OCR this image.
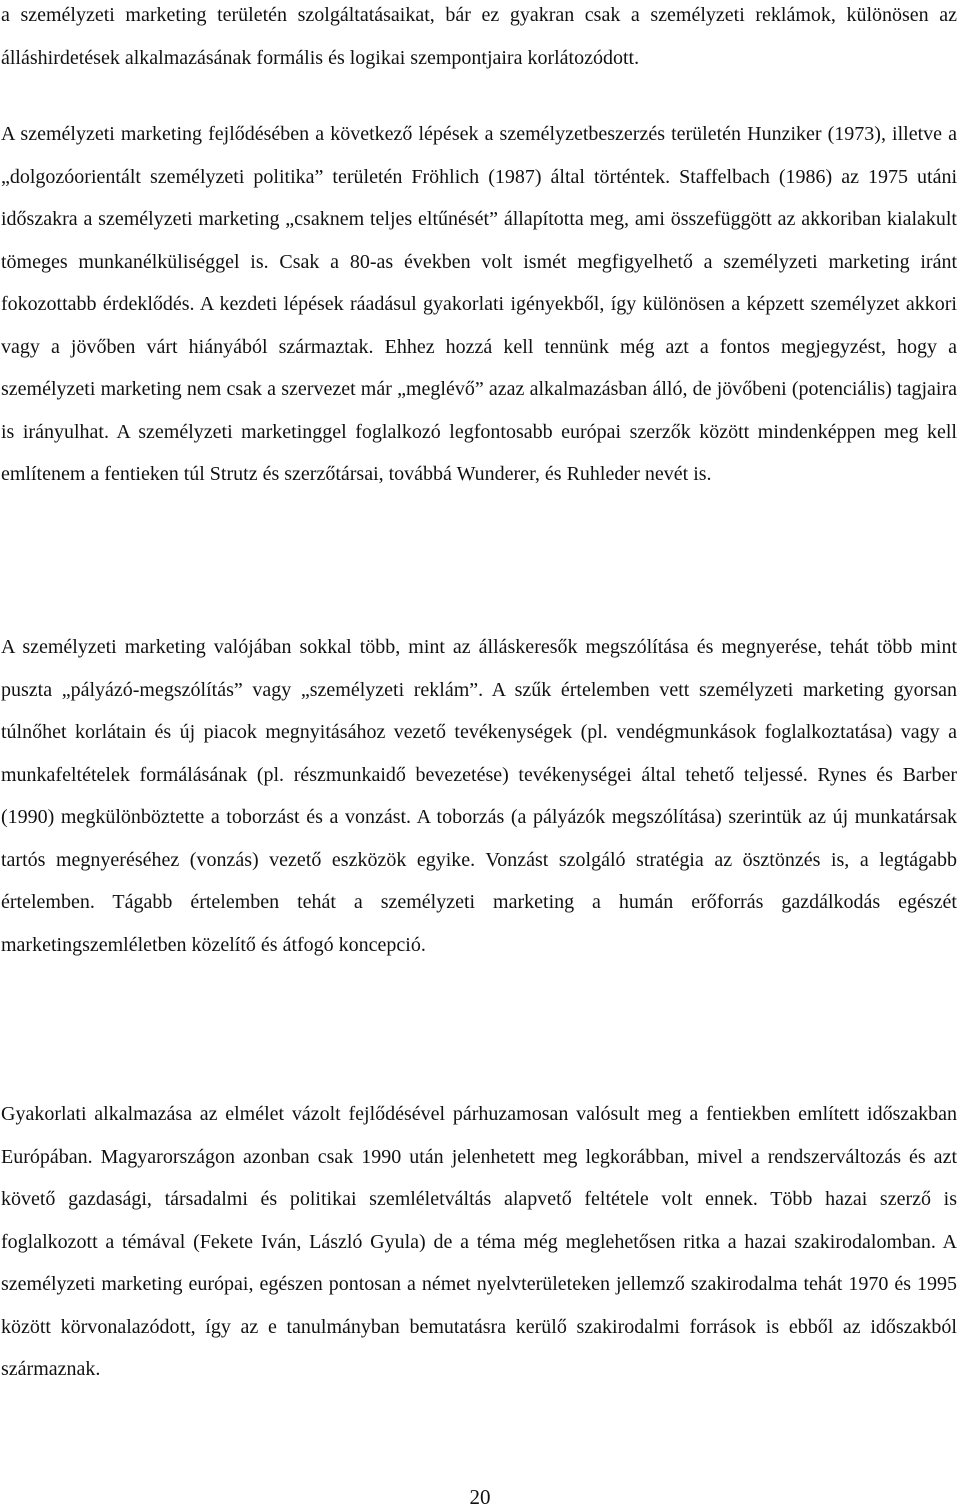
a személyzeti marketing területén szolgáltatásaikat, bár ez gyakran csak a személyzeti reklámok, különösen az álláshirdetések alkalmazásának formális és logikai szempontjaira korlátozódott.

A személyzeti marketing fejlődésében a következő lépések a személyzetbeszerzés területén Hunziker (1973), illetve a „dolgozóorientált személyzeti politika” területén Fröhlich (1987) által történtek. Staffelbach (1986) az 1975 utáni időszakra a személyzeti marketing „csaknem teljes eltűnését” állapította meg, ami összefüggött az akkoriban kialakult tömeges munkanélküliséggel is. Csak a 80-as években volt ismét megfigyelhető a személyzeti marketing iránt fokozottabb érdeklődés. A kezdeti lépések ráadásul gyakorlati igényekből, így különösen a képzett személyzet akkori vagy a jövőben várt hiányából származtak. Ehhez hozzá kell tennünk még azt a fontos megjegyzést, hogy a személyzeti marketing nem csak a szervezet már „meglévő” azaz alkalmazásban álló, de jövőbeni (potenciális) tagjaira is irányulhat. A személyzeti marketinggel foglalkozó legfontosabb európai szerzők között mindenképpen meg kell említenem a fentieken túl Strutz és szerzőtársai, továbbá Wunderer, és Ruhleder nevét is.

A személyzeti marketing valójában sokkal több, mint az álláskeresők megszólítása és megnyerése, tehát több mint puszta „pályázó-megszólítás” vagy „személyzeti reklám”. A szűk értelemben vett személyzeti marketing gyorsan túlnőhet korlátain és új piacok megnyitásához vezető tevékenységek (pl. vendégmunkások foglalkoztatása) vagy a munkafeltételek formálásának (pl. részmunkaidő bevezetése) tevékenységei által tehető teljessé. Rynes és Barber (1990) megkülönböztette a toborzást és a vonzást. A toborzás (a pályázók megszólítása) szerintük az új munkatársak tartós megnyeréséhez (vonzás) vezető eszközök egyike. Vonzást szolgáló stratégia az ösztönzés is, a legtágabb értelemben. Tágabb értelemben tehát a személyzeti marketing a humán erőforrás gazdálkodás egészét marketingszemléletben közelítő és átfogó koncepció.

Gyakorlati alkalmazása az elmélet vázolt fejlődésével párhuzamosan valósult meg a fentiekben említett időszakban Európában. Magyarországon azonban csak 1990 után jelenhetett meg legkorábban, mivel a rendszerváltozás és azt követő gazdasági, társadalmi és politikai szemléletváltás alapvető feltétele volt ennek. Több hazai szerző is foglalkozott a témával (Fekete Iván, László Gyula) de a téma még meglehetősen ritka a hazai szakirodalomban. A személyzeti marketing európai, egészen pontosan a német nyelvterületeken jellemző szakirodalma tehát 1970 és 1995 között körvonalazódott, így az e tanulmányban bemutatásra kerülő szakirodalmi források is ebből az időszakból származnak.

20
